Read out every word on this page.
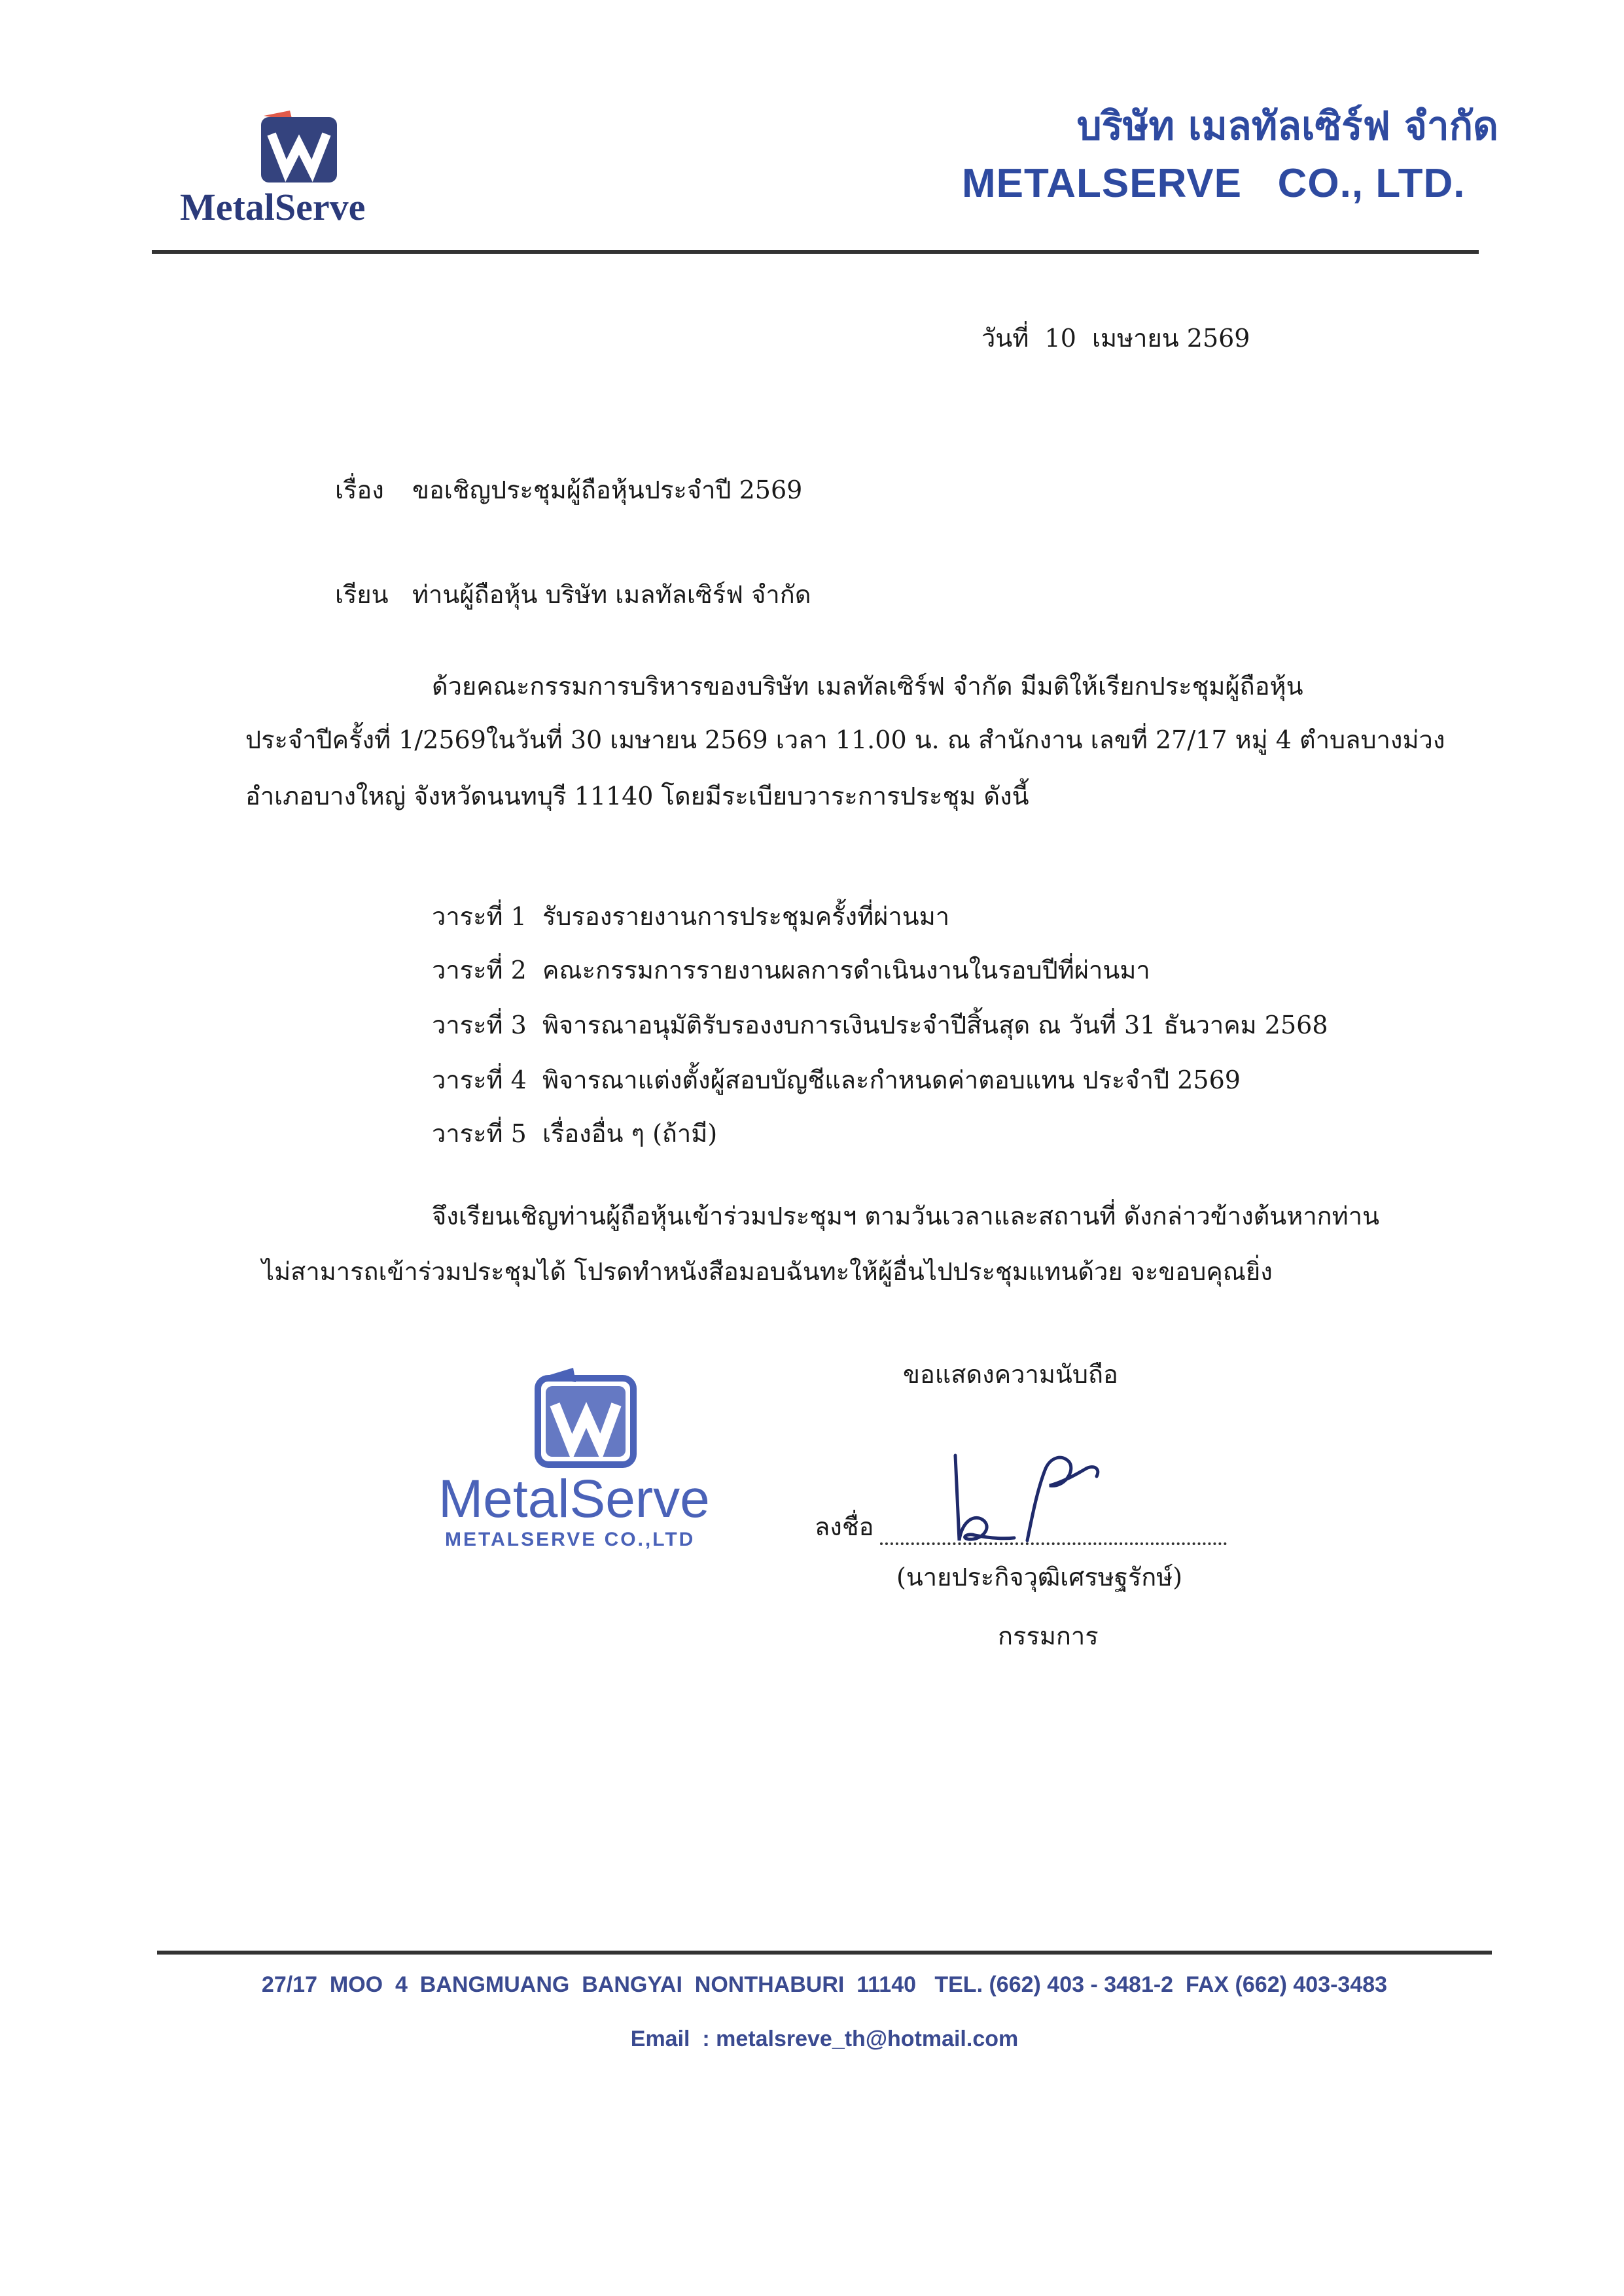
MetalServe
บริษัท เมลทัลเซิร์ฟ จำกัด
METALSERVE   CO., LTD.
วันที่  10  เมษายน 2569
เรื่อง ขอเชิญประชุมผู้ถือหุ้นประจำปี 2569
เรียน ท่านผู้ถือหุ้น บริษัท เมลทัลเซิร์ฟ จำกัด
ด้วยคณะกรรมการบริหารของบริษัท เมลทัลเซิร์ฟ จำกัด มีมติให้เรียกประชุมผู้ถือหุ้น
ประจำปีครั้งที่ 1/2569ในวันที่ 30 เมษายน 2569 เวลา 11.00 น. ณ สำนักงาน เลขที่ 27/17 หมู่ 4 ตำบลบางม่วง
อำเภอบางใหญ่ จังหวัดนนทบุรี 11140 โดยมีระเบียบวาระการประชุม ดังนี้
วาระที่ 1  รับรองรายงานการประชุมครั้งที่ผ่านมา
วาระที่ 2  คณะกรรมการรายงานผลการดำเนินงานในรอบปีที่ผ่านมา
วาระที่ 3  พิจารณาอนุมัติรับรองงบการเงินประจำปีสิ้นสุด ณ วันที่ 31 ธันวาคม 2568
วาระที่ 4  พิจารณาแต่งตั้งผู้สอบบัญชีและกำหนดค่าตอบแทน ประจำปี 2569
วาระที่ 5  เรื่องอื่น ๆ (ถ้ามี)
จึงเรียนเชิญท่านผู้ถือหุ้นเข้าร่วมประชุมฯ ตามวันเวลาและสถานที่ ดังกล่าวข้างต้นหากท่าน
ไม่สามารถเข้าร่วมประชุมได้ โปรดทำหนังสือมอบฉันทะให้ผู้อื่นไปประชุมแทนด้วย จะขอบคุณยิ่ง
ขอแสดงความนับถือ
MetalServe
METALSERVE CO.,LTD	ลงชื่อ
(นายประกิจวุฒิเศรษฐรักษ์)
กรรมการ
27/17  MOO  4  BANGMUANG  BANGYAI  NONTHABURI  11140   TEL. (662) 403 - 3481-2  FAX (662) 403-3483
Email  : metalsreve_th@hotmail.com
